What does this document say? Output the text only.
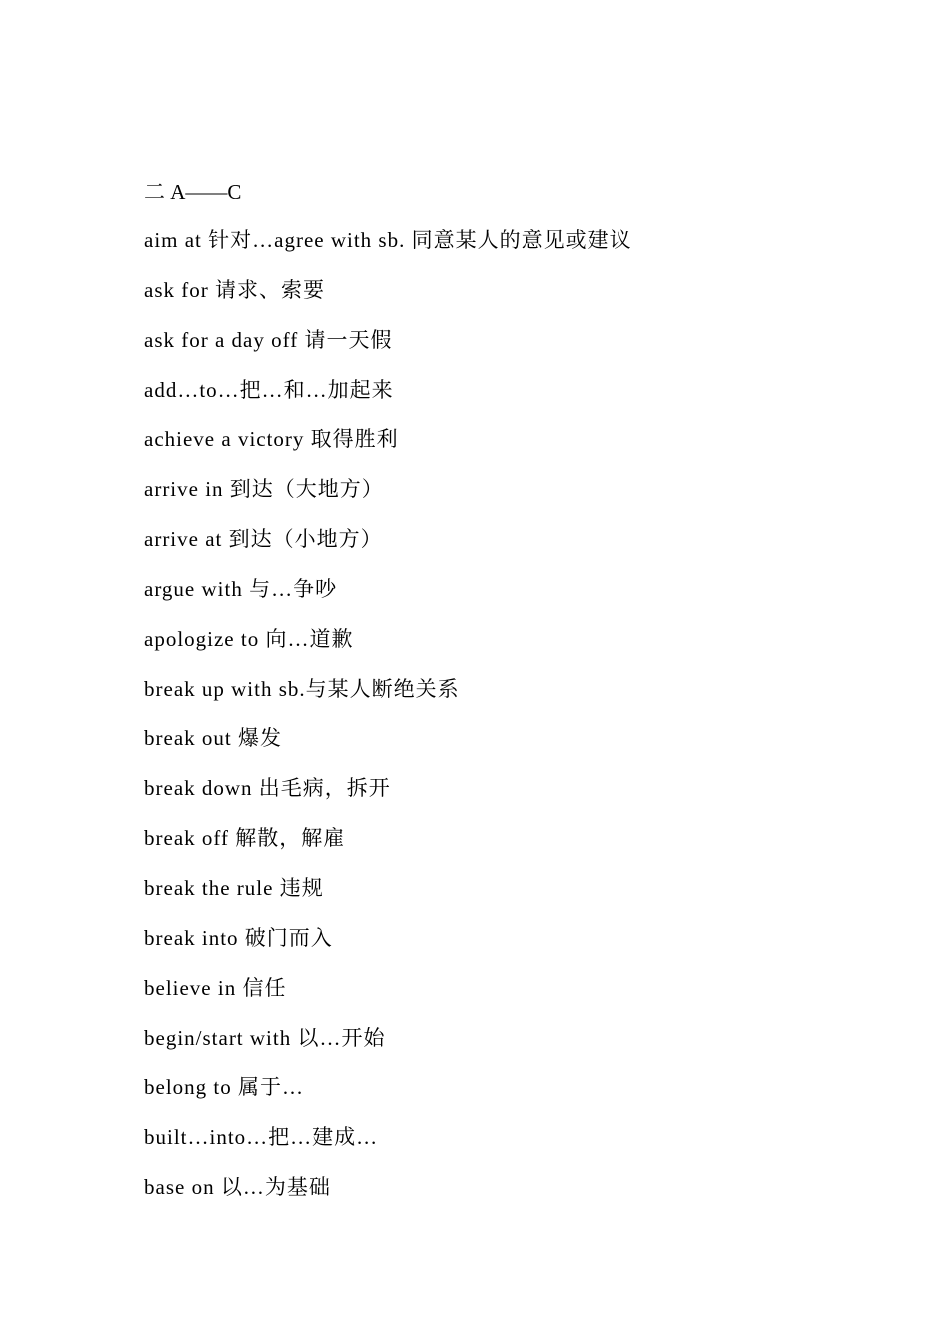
二 A——C
aim at 针对…agree with sb. 同意某人的意见或建议
ask for 请求、索要
ask for a day off 请一天假
add…to…把…和…加起来
achieve a victory 取得胜利
arrive in 到达（大地方）
arrive at 到达（小地方）
argue with 与…争吵
apologize to 向…道歉
break up with sb.与某人断绝关系
break out 爆发
break down 出毛病，拆开
break off 解散，解雇
break the rule 违规
break into 破门而入
believe in 信任
begin/start with 以…开始
belong to 属于…
built…into…把…建成…
base on 以…为基础
